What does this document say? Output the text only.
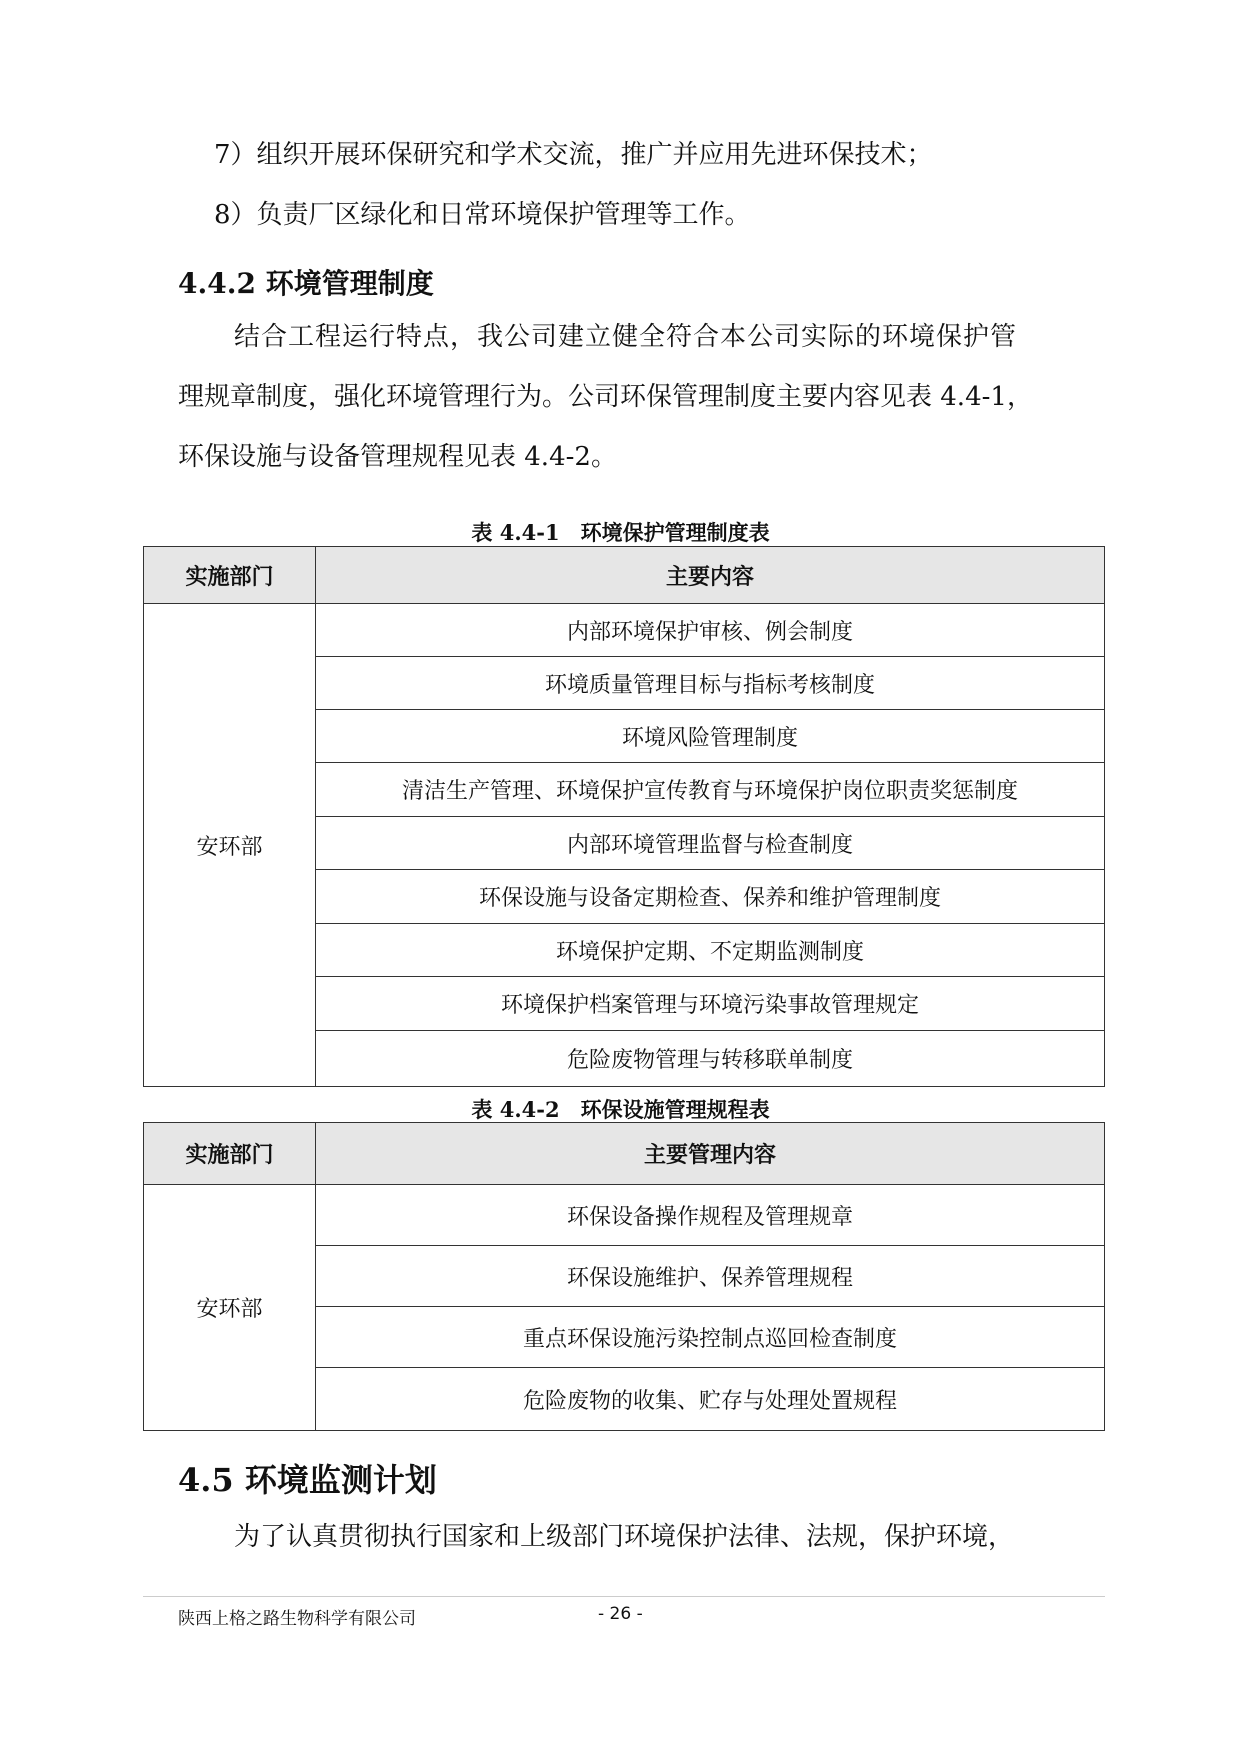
7）组织开展环保研究和学术交流，推广并应用先进环保技术；
8）负责厂区绿化和日常环境保护管理等工作。
4.4.2 环境管理制度
结合工程运行特点，我公司建立健全符合本公司实际的环境保护管
理规章制度，强化环境管理行为。公司环保管理制度主要内容见表 4.4-1，
环保设施与设备管理规程见表 4.4-2。
表 4.4-1　环境保护管理制度表
实施部门	主要内容
安环部	内部环境保护审核、例会制度
	环境质量管理目标与指标考核制度
	环境风险管理制度
	清洁生产管理、环境保护宣传教育与环境保护岗位职责奖惩制度
	内部环境管理监督与检查制度
	环保设施与设备定期检查、保养和维护管理制度
	环境保护定期、不定期监测制度
	环境保护档案管理与环境污染事故管理规定
	危险废物管理与转移联单制度
表 4.4-2　环保设施管理规程表
实施部门	主要管理内容
安环部	环保设备操作规程及管理规章
	环保设施维护、保养管理规程
	重点环保设施污染控制点巡回检查制度
	危险废物的收集、贮存与处理处置规程
4.5 环境监测计划
为了认真贯彻执行国家和上级部门环境保护法律、法规，保护环境，
陕西上格之路生物科学有限公司	- 26 -
